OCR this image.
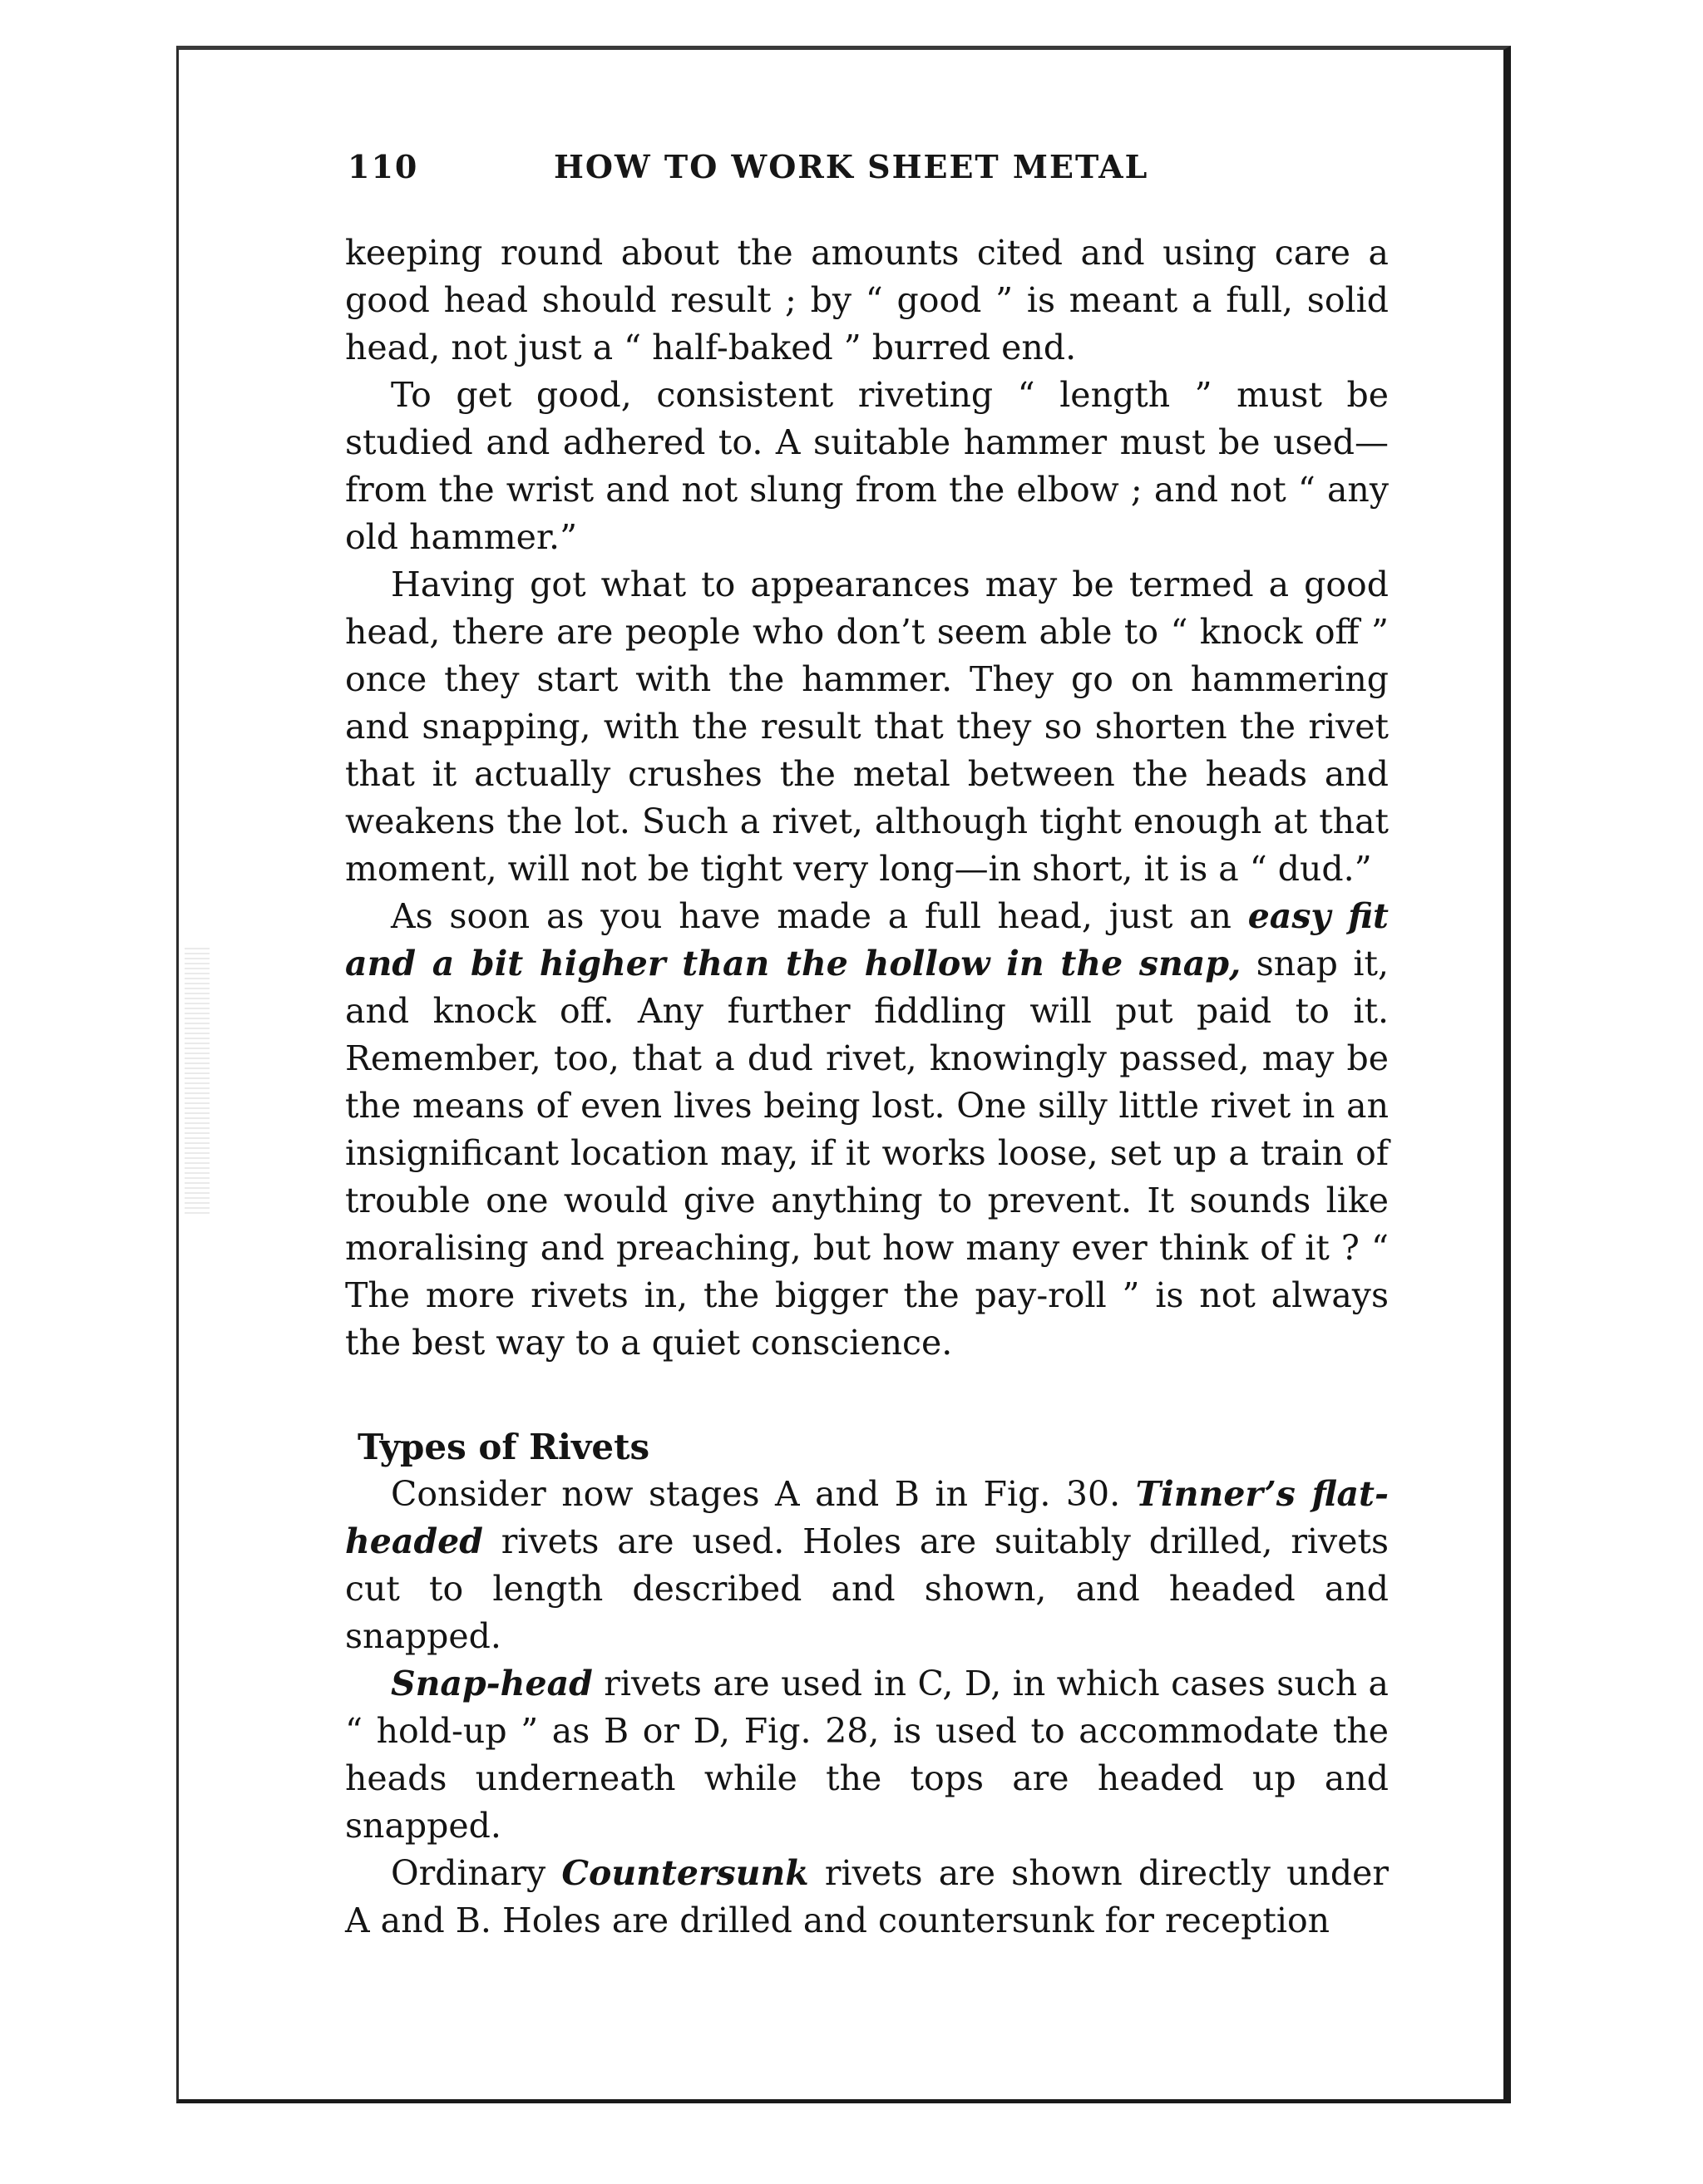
110	HOW TO WORK SHEET METAL

keeping round about the amounts cited and using care a good head should result ; by “ good ” is meant a full, solid head, not just a “ half-baked ” burred end.

To get good, consistent riveting “ length ” must be studied and adhered to. A suitable hammer must be used—from the wrist and not slung from the elbow ; and not “ any old hammer.”

Having got what to appearances may be termed a good head, there are people who don’t seem able to “ knock off ” once they start with the hammer. They go on hammering and snapping, with the result that they so shorten the rivet that it actually crushes the metal between the heads and weakens the lot. Such a rivet, although tight enough at that moment, will not be tight very long—in short, it is a “ dud.”

As soon as you have made a full head, just an easy fit and a bit higher than the hollow in the snap, snap it, and knock off. Any further fiddling will put paid to it. Remember, too, that a dud rivet, knowingly passed, may be the means of even lives being lost. One silly little rivet in an insignificant location may, if it works loose, set up a train of trouble one would give anything to prevent. It sounds like moralising and preaching, but how many ever think of it ? “ The more rivets in, the bigger the pay-roll ” is not always the best way to a quiet conscience.

Types of Rivets

Consider now stages A and B in Fig. 30. Tinner’s flat-headed rivets are used. Holes are suitably drilled, rivets cut to length described and shown, and headed and snapped.

Snap-head rivets are used in C, D, in which cases such a “ hold-up ” as B or D, Fig. 28, is used to accommodate the heads underneath while the tops are headed up and snapped.

Ordinary Countersunk rivets are shown directly under A and B. Holes are drilled and countersunk for reception
